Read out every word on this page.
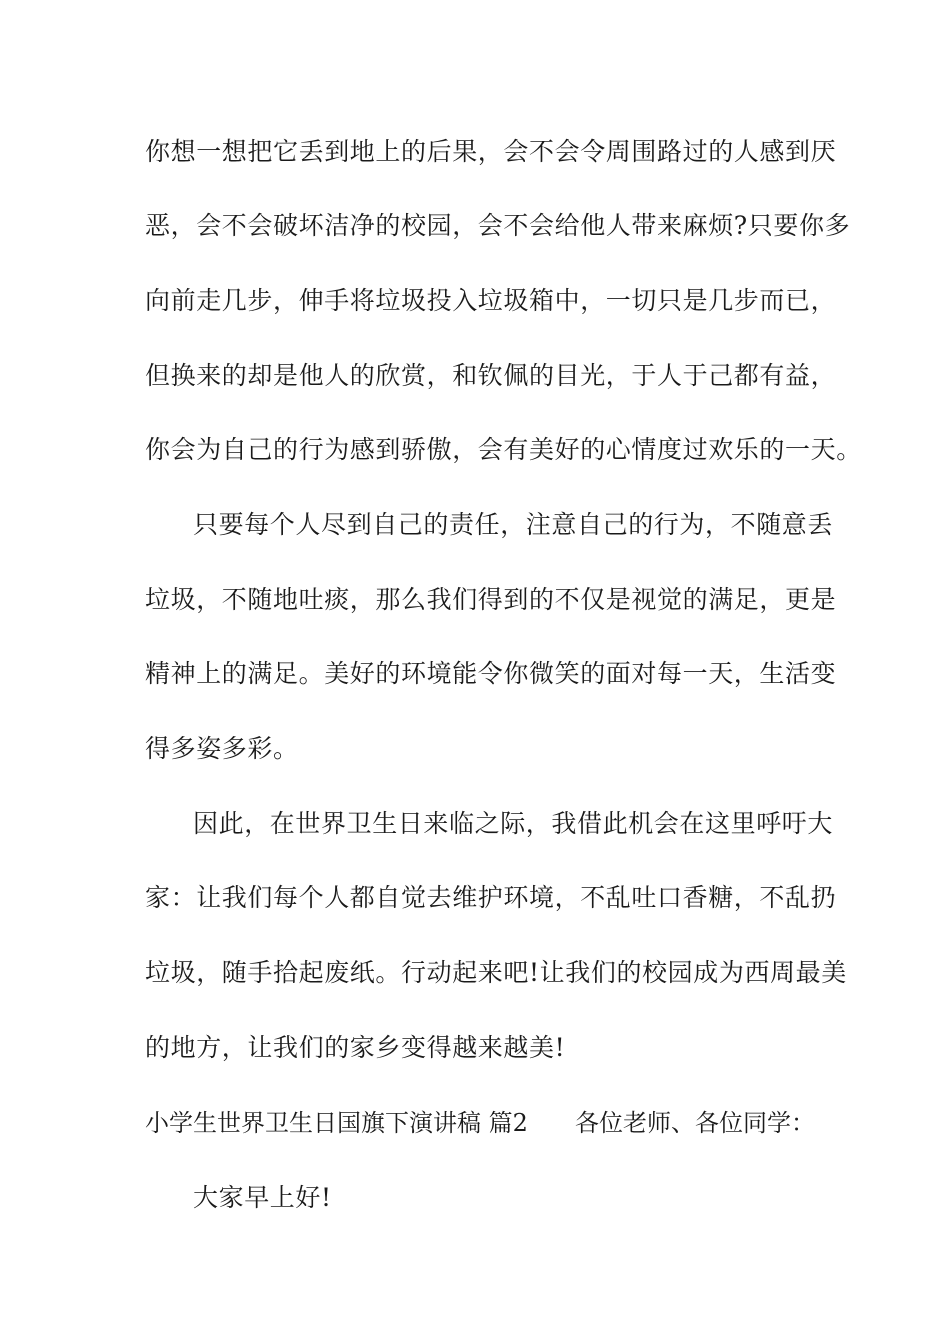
你想一想把它丢到地上的后果，会不会令周围路过的人感到厌
恶，会不会破坏洁净的校园，会不会给他人带来麻烦?只要你多
向前走几步，伸手将垃圾投入垃圾箱中，一切只是几步而已，
但换来的却是他人的欣赏，和钦佩的目光，于人于己都有益，
你会为自己的行为感到骄傲，会有美好的心情度过欢乐的一天。
只要每个人尽到自己的责任，注意自己的行为，不随意丢
垃圾，不随地吐痰，那么我们得到的不仅是视觉的满足，更是
精神上的满足。美好的环境能令你微笑的面对每一天，生活变
得多姿多彩。
因此，在世界卫生日来临之际，我借此机会在这里呼吁大
家：让我们每个人都自觉去维护环境，不乱吐口香糖，不乱扔
垃圾，随手拾起废纸。行动起来吧!让我们的校园成为西周最美
的地方，让我们的家乡变得越来越美!
小学生世界卫生日国旗下演讲稿 篇2 各位老师、各位同学：
大家早上好!
